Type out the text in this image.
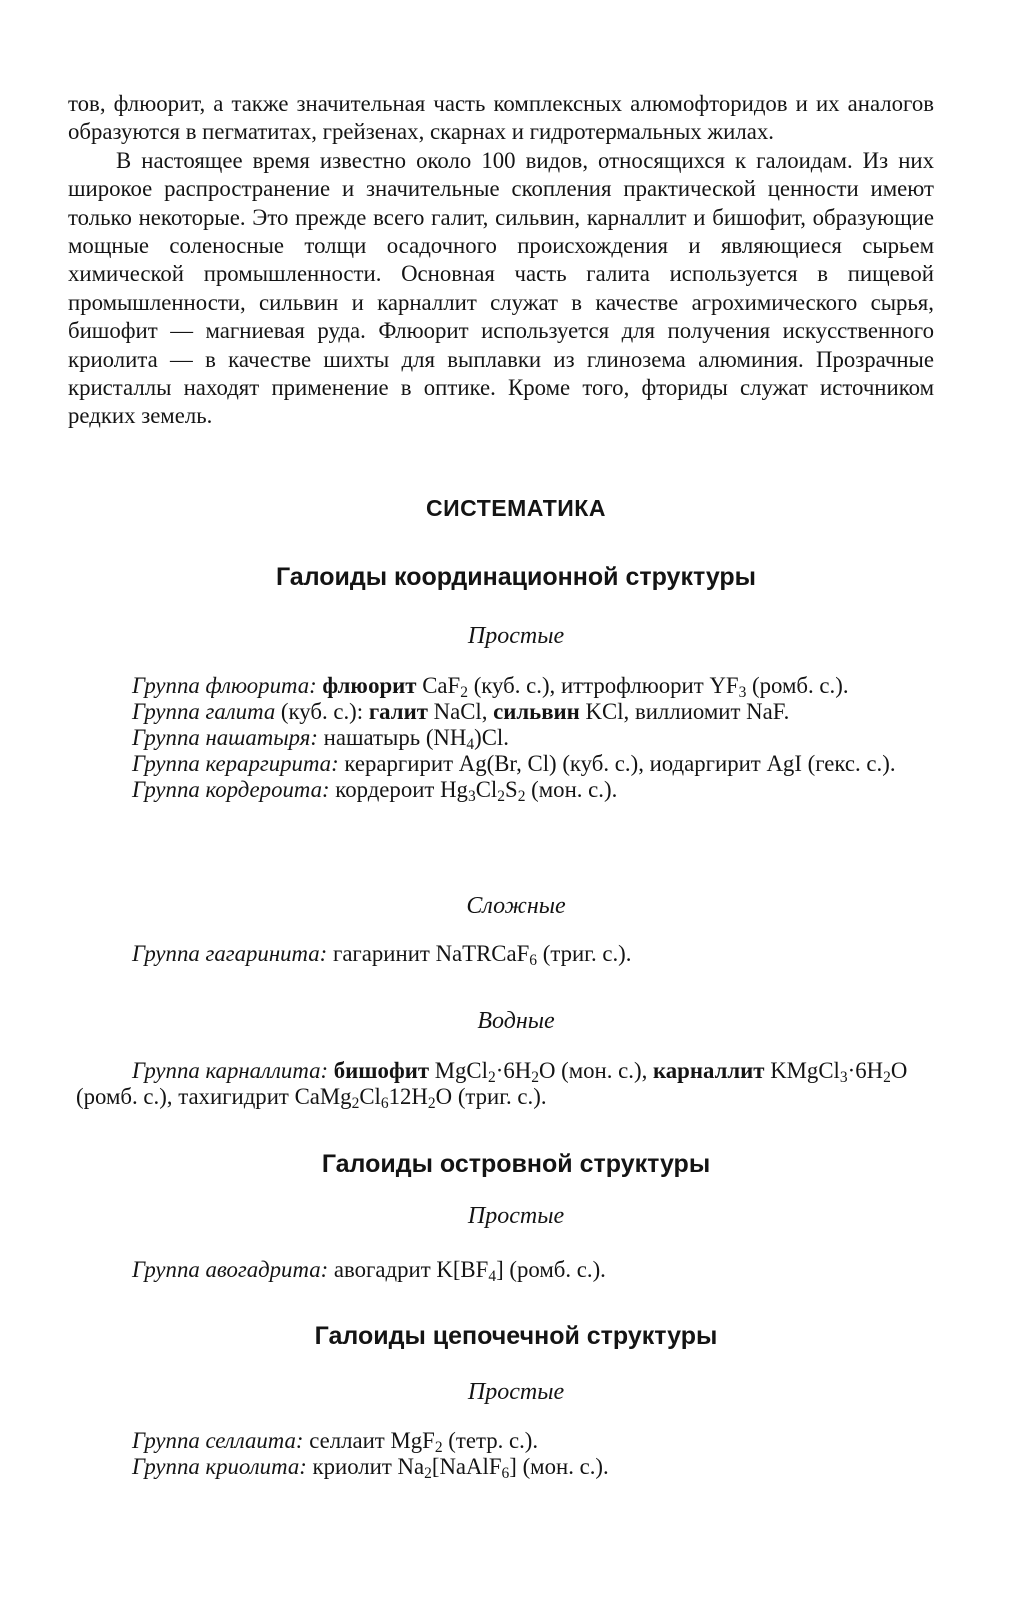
тов, флюорит, а также значительная часть комплексных алюмофторидов и их аналогов образуются в пегматитах, грейзенах, скарнах и гидротермальных жилах.

В настоящее время известно около 100 видов, относящихся к галоидам. Из них широкое распространение и значительные скопления практической ценности имеют только некоторые. Это прежде всего галит, сильвин, карналлит и бишофит, образующие мощные соленосные толщи осадочного происхождения и являющиеся сырьем химической промышленности. Основная часть галита используется в пищевой промышленности, сильвин и карналлит служат в качестве агрохимического сырья, бишофит — магниевая руда. Флюорит используется для получения искусственного криолита — в качестве шихты для выплавки из глинозема алюминия. Прозрачные кристаллы находят применение в оптике. Кроме того, фториды служат источником редких земель.

СИСТЕМАТИКА
Галоиды координационной структуры
Простые

Группа флюорита: флюорит CaF$_2$ (куб. с.), иттрофлюорит $YF_3$ (ромб. с.).

Группа галита (куб. с.): галит NaCl, сильвин KCl, виллиомит NaF.

Группа нашатыря: нашатырь $(NH_4)Cl$.

Группа кераргирита: кераргирит Ag(Br, Cl) (куб. с.), иодаргирит AgI (гекс. с.).

Группа кордероита: кордероит $Hg_3Cl_2S_2$ (мон. с.).

Сложные

Группа гагаринита: гагаринит NaTRCaF$_6$ (триг. с.).

Водные

Группа карналлита: бишофит $MgCl_2\cdot 6H_2O$ (мон. с.), карналлит $KMgCl_3\cdot 6H_2O$ (ромб. с.), тахигидрит $CaMg_2Cl_612H_2O$ (триг. с.).

Галоиды островной структуры
Простые

Группа авогадрита: авогадрит $K[BF_4]$ (ромб. с.).

Галоиды цепочечной структуры
Простые

Группа селлаита: селлаит MgF$_2$ (тетр. с.).

Группа криолита: криолит $Na_2[NaAlF_6]$ (мон. с.).
